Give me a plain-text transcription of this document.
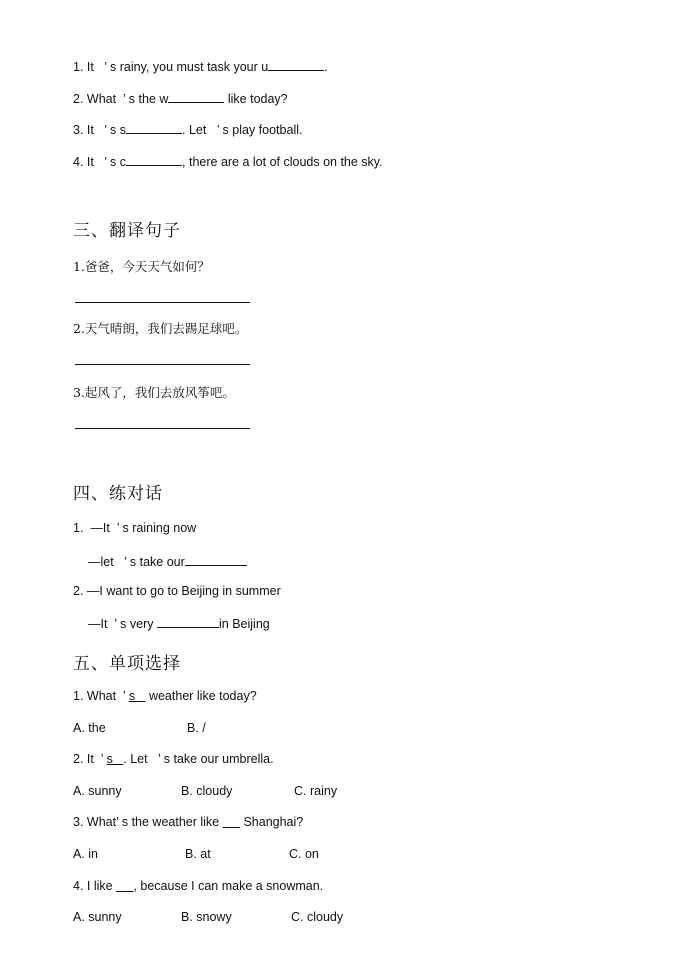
1. It   ’ s rainy, you must task your u	.
2. What  ’ s the w	like today?
3. It   ’ s s	. Let   ’ s play football.
4. It   ’ s c	, there are a lot of clouds on the sky.
三、翻译句子
1.爸爸，今天天气如何？
2.天气晴朗，我们去踢足球吧。
3.起风了，我们去放风筝吧。
四、练对话
1.  —It  ’ s raining now
—let   ’ s take our
2. —I want to go to Beijing in summer
—It  ’ s very	in Beijing
五、单项选择
1. What  ’ s    weather like today?
A. the	B. /
2. It  ’ s   . Let   ’ s take our umbrella.
A. sunny	B. cloudy	C. rainy
3. What’ s the weather like       Shanghai?
A. in	B. at	C. on
4. I like      , because I can make a snowman.
A. sunny	B. snowy	C. cloudy
